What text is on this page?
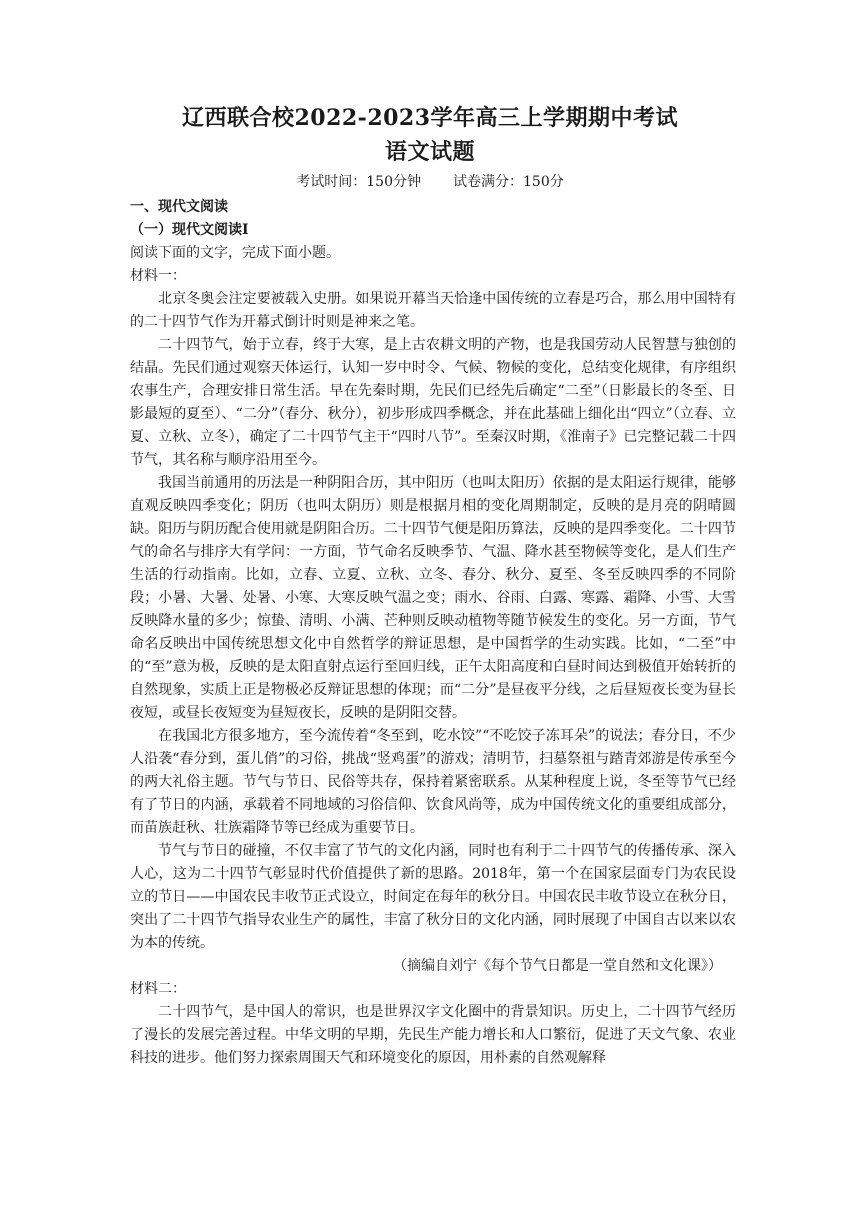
辽西联合校2022-2023学年高三上学期期中考试
语文试题
考试时间：150分钟 试卷满分：150分

一、现代文阅读

（一）现代文阅读Ⅰ

阅读下面的文字，完成下面小题。

材料一：

北京冬奥会注定要被载入史册。如果说开幕当天恰逢中国传统的立春是巧合，那么用中国特有的二十四节气作为开幕式倒计时则是神来之笔。

二十四节气，始于立春，终于大寒，是上古农耕文明的产物，也是我国劳动人民智慧与独创的结晶。先民们通过观察天体运行，认知一岁中时令、气候、物候的变化，总结变化规律，有序组织农事生产，合理安排日常生活。早在先秦时期，先民们已经先后确定“二至”（日影最长的冬至、日影最短的夏至）、“二分”（春分、秋分），初步形成四季概念，并在此基础上细化出“四立”（立春、立夏、立秋、立冬），确定了二十四节气主干“四时八节”。至秦汉时期，《淮南子》已完整记载二十四节气，其名称与顺序沿用至今。

我国当前通用的历法是一种阴阳合历，其中阳历（也叫太阳历）依据的是太阳运行规律，能够直观反映四季变化；阴历（也叫太阴历）则是根据月相的变化周期制定，反映的是月亮的阴晴圆缺。阳历与阴历配合使用就是阴阳合历。二十四节气便是阳历算法，反映的是四季变化。二十四节气的命名与排序大有学问：一方面，节气命名反映季节、气温、降水甚至物候等变化，是人们生产生活的行动指南。比如，立春、立夏、立秋、立冬、春分、秋分、夏至、冬至反映四季的不同阶段；小暑、大暑、处暑、小寒、大寒反映气温之变；雨水、谷雨、白露、寒露、霜降、小雪、大雪反映降水量的多少；惊蛰、清明、小满、芒种则反映动植物等随节候发生的变化。另一方面，节气命名反映出中国传统思想文化中自然哲学的辩证思想，是中国哲学的生动实践。比如，“二至”中的“至”意为极，反映的是太阳直射点运行至回归线，正午太阳高度和白昼时间达到极值开始转折的自然现象，实质上正是物极必反辩证思想的体现；而“二分”是昼夜平分线，之后昼短夜长变为昼长夜短，或昼长夜短变为昼短夜长，反映的是阴阳交替。

在我国北方很多地方，至今流传着“冬至到，吃水饺”“不吃饺子冻耳朵”的说法；春分日，不少人沿袭“春分到，蛋儿俏”的习俗，挑战“竖鸡蛋”的游戏；清明节，扫墓祭祖与踏青郊游是传承至今的两大礼俗主题。节气与节日、民俗等共存，保持着紧密联系。从某种程度上说，冬至等节气已经有了节日的内涵，承载着不同地域的习俗信仰、饮食风尚等，成为中国传统文化的重要组成部分，而苗族赶秋、壮族霜降节等已经成为重要节日。

节气与节日的碰撞，不仅丰富了节气的文化内涵，同时也有利于二十四节气的传播传承、深入人心，这为二十四节气彰显时代价值提供了新的思路。2018年，第一个在国家层面专门为农民设立的节日——中国农民丰收节正式设立，时间定在每年的秋分日。中国农民丰收节设立在秋分日，突出了二十四节气指导农业生产的属性，丰富了秋分日的文化内涵，同时展现了中国自古以来以农为本的传统。

（摘编自刘宁《每个节气日都是一堂自然和文化课》）

材料二：

二十四节气，是中国人的常识，也是世界汉字文化圈中的背景知识。历史上，二十四节气经历了漫长的发展完善过程。中华文明的早期，先民生产能力增长和人口繁衍，促进了天文气象、农业科技的进步。他们努力探索周围天气和环境变化的原因，用朴素的自然观解释
